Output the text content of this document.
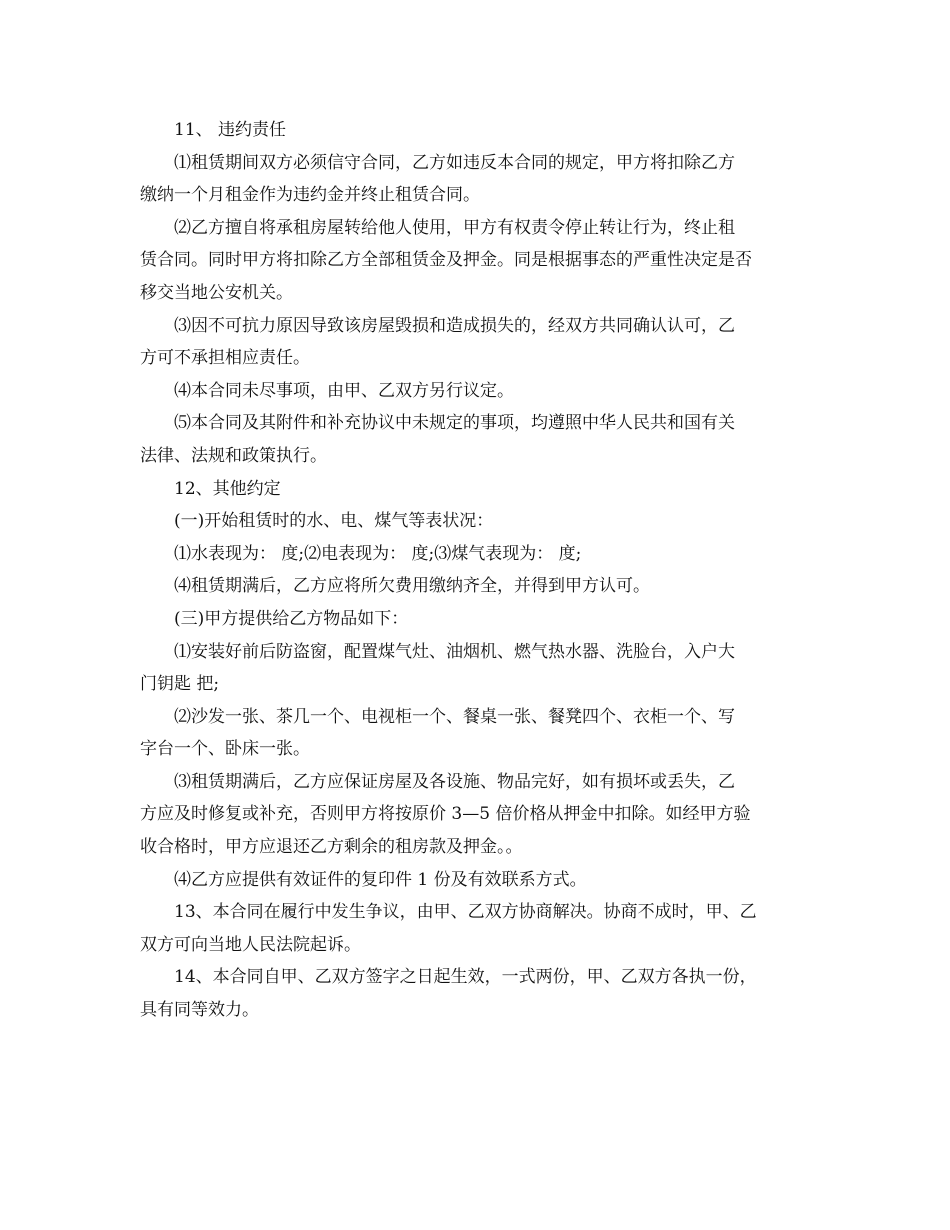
11、 违约责任

⑴租赁期间双方必须信守合同，乙方如违反本合同的规定，甲方将扣除乙方
缴纳一个月租金作为违约金并终止租赁合同。

⑵乙方擅自将承租房屋转给他人使用，甲方有权责令停止转让行为，终止租
赁合同。同时甲方将扣除乙方全部租赁金及押金。同是根据事态的严重性决定是否
移交当地公安机关。

⑶因不可抗力原因导致该房屋毁损和造成损失的，经双方共同确认认可，乙
方可不承担相应责任。

⑷本合同未尽事项，由甲、乙双方另行议定。

⑸本合同及其附件和补充协议中未规定的事项，均遵照中华人民共和国有关
法律、法规和政策执行。

12、其他约定

(一)开始租赁时的水、电、煤气等表状况：

⑴水表现为： 度;⑵电表现为： 度;⑶煤气表现为： 度;

⑷租赁期满后，乙方应将所欠费用缴纳齐全，并得到甲方认可。

(三)甲方提供给乙方物品如下：

⑴安装好前后防盗窗，配置煤气灶、油烟机、燃气热水器、洗脸台，入户大
门钥匙 把;

⑵沙发一张、茶几一个、电视柜一个、餐桌一张、餐凳四个、衣柜一个、写
字台一个、卧床一张。

⑶租赁期满后，乙方应保证房屋及各设施、物品完好，如有损坏或丢失，乙
方应及时修复或补充，否则甲方将按原价 3—5 倍价格从押金中扣除。如经甲方验
收合格时，甲方应退还乙方剩余的租房款及押金。。

⑷乙方应提供有效证件的复印件 1 份及有效联系方式。

13、本合同在履行中发生争议，由甲、乙双方协商解决。协商不成时，甲、乙
双方可向当地人民法院起诉。

14、本合同自甲、乙双方签字之日起生效，一式两份，甲、乙双方各执一份，
具有同等效力。
